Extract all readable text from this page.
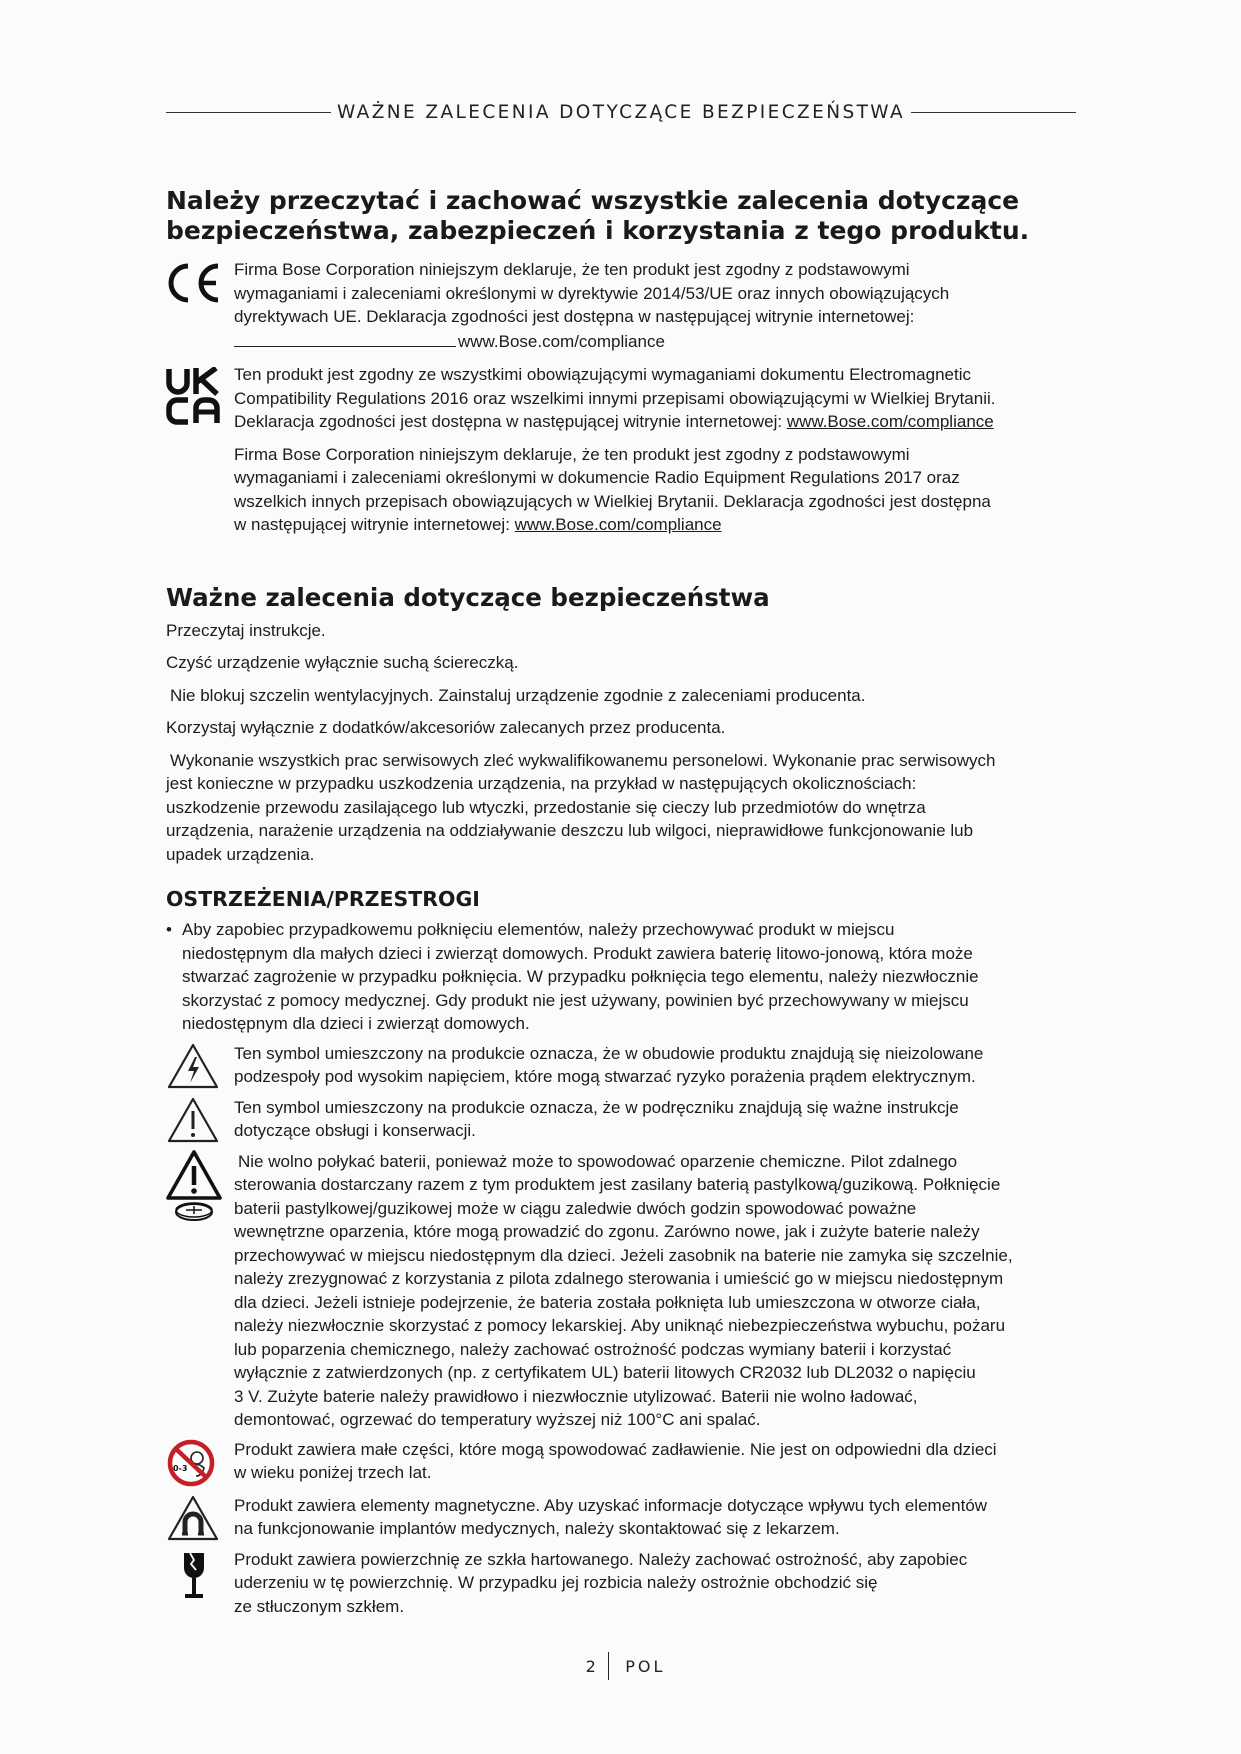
WAŻNE ZALECENIA DOTYCZĄCE BEZPIECZEŃSTWA
Należy przeczytać i zachować wszystkie zalecenia dotyczące bezpieczeństwa, zabezpieczeń i korzystania z tego produktu.
Firma Bose Corporation niniejszym deklaruje, że ten produkt jest zgodny z podstawowymi
wymaganiami i zaleceniami określonymi w dyrektywie 2014/53/UE oraz innych obowiązujących
dyrektywach UE. Deklaracja zgodności jest dostępna w następującej witrynie internetowej:
www.Bose.com/compliance
Ten produkt jest zgodny ze wszystkimi obowiązującymi wymaganiami dokumentu Electromagnetic
Compatibility Regulations 2016 oraz wszelkimi innymi przepisami obowiązującymi w Wielkiej Brytanii.
Deklaracja zgodności jest dostępna w następującej witrynie internetowej: www.Bose.com/compliance
Firma Bose Corporation niniejszym deklaruje, że ten produkt jest zgodny z podstawowymi
wymaganiami i zaleceniami określonymi w dokumencie Radio Equipment Regulations 2017 oraz
wszelkich innych przepisach obowiązujących w Wielkiej Brytanii. Deklaracja zgodności jest dostępna
w następującej witrynie internetowej: www.Bose.com/compliance
Ważne zalecenia dotyczące bezpieczeństwa

Przeczytaj instrukcje.

Czyść urządzenie wyłącznie suchą ściereczką.

Nie blokuj szczelin wentylacyjnych. Zainstaluj urządzenie zgodnie z zaleceniami producenta.

Korzystaj wyłącznie z dodatków/akcesoriów zalecanych przez producenta.

Wykonanie wszystkich prac serwisowych zleć wykwalifikowanemu personelowi. Wykonanie prac serwisowych

jest konieczne w przypadku uszkodzenia urządzenia, na przykład w następujących okolicznościach:

uszkodzenie przewodu zasilającego lub wtyczki, przedostanie się cieczy lub przedmiotów do wnętrza

urządzenia, narażenie urządzenia na oddziaływanie deszczu lub wilgoci, nieprawidłowe funkcjonowanie lub

upadek urządzenia.

OSTRZEŻENIA/PRZESTROGI
• Aby zapobiec przypadkowemu połknięciu elementów, należy przechowywać produkt w miejscu
niedostępnym dla małych dzieci i zwierząt domowych. Produkt zawiera baterię litowo-jonową, która może
stwarzać zagrożenie w przypadku połknięcia. W przypadku połknięcia tego elementu, należy niezwłocznie
skorzystać z pomocy medycznej. Gdy produkt nie jest używany, powinien być przechowywany w miejscu
niedostępnym dla dzieci i zwierząt domowych.
Ten symbol umieszczony na produkcie oznacza, że w obudowie produktu znajdują się nieizolowane
podzespoły pod wysokim napięciem, które mogą stwarzać ryzyko porażenia prądem elektrycznym.
Ten symbol umieszczony na produkcie oznacza, że w podręczniku znajdują się ważne instrukcje
dotyczące obsługi i konserwacji.
Nie wolno połykać baterii, ponieważ może to spowodować oparzenie chemiczne. Pilot zdalnego
sterowania dostarczany razem z tym produktem jest zasilany baterią pastylkową/guzikową. Połknięcie
baterii pastylkowej/guzikowej może w ciągu zaledwie dwóch godzin spowodować poważne
wewnętrzne oparzenia, które mogą prowadzić do zgonu. Zarówno nowe, jak i zużyte baterie należy
przechowywać w miejscu niedostępnym dla dzieci. Jeżeli zasobnik na baterie nie zamyka się szczelnie,
należy zrezygnować z korzystania z pilota zdalnego sterowania i umieścić go w miejscu niedostępnym
dla dzieci. Jeżeli istnieje podejrzenie, że bateria została połknięta lub umieszczona w otworze ciała,
należy niezwłocznie skorzystać z pomocy lekarskiej. Aby uniknąć niebezpieczeństwa wybuchu, pożaru
lub poparzenia chemicznego, należy zachować ostrożność podczas wymiany baterii i korzystać
wyłącznie z zatwierdzonych (np. z certyfikatem UL) baterii litowych CR2032 lub DL2032 o napięciu
3 V. Zużyte baterie należy prawidłowo i niezwłocznie utylizować. Baterii nie wolno ładować,
demontować, ogrzewać do temperatury wyższej niż 100°C ani spalać.
0-3
Produkt zawiera małe części, które mogą spowodować zadławienie. Nie jest on odpowiedni dla dzieci
w wieku poniżej trzech lat.
Produkt zawiera elementy magnetyczne. Aby uzyskać informacje dotyczące wpływu tych elementów
na funkcjonowanie implantów medycznych, należy skontaktować się z lekarzem.
Produkt zawiera powierzchnię ze szkła hartowanego. Należy zachować ostrożność, aby zapobiec
uderzeniu w tę powierzchnię. W przypadku jej rozbicia należy ostrożnie obchodzić się
ze stłuczonym szkłem.
2	POL
